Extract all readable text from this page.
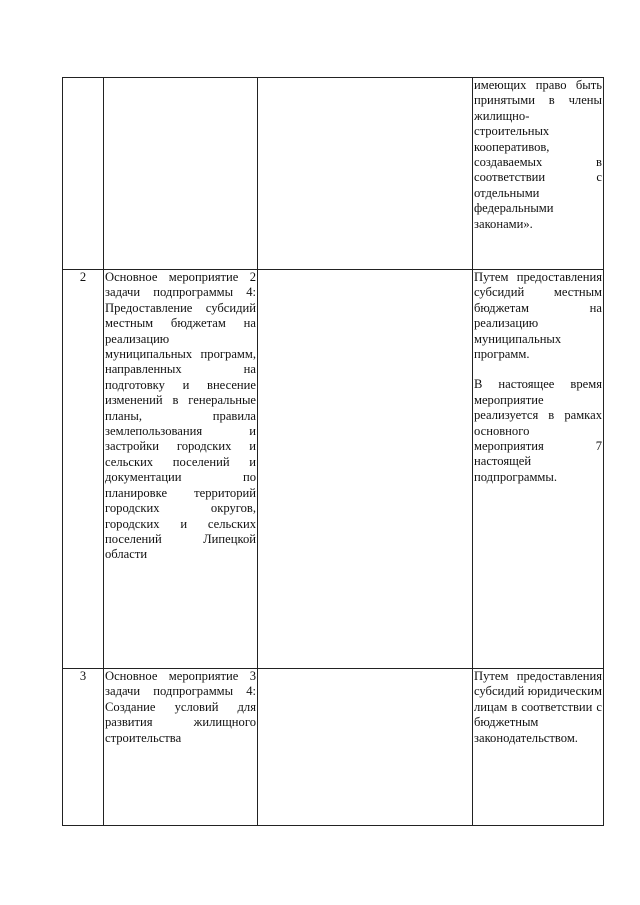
			имеющих право быть принятыми в члены жилищно-строительных кооперативов, создаваемых в соответствии с отдельными федеральными законами».

2	Основное мероприятие 2 задачи подпрограммы 4: Предоставление субсидий местным бюджетам на реализацию муниципальных программ, направленных на подготовку и внесение изменений в генеральные планы, правила землепользования и застройки городских и сельских поселений и документации по планировке территорий городских округов, городских и сельских поселений Липецкой области		Путем предоставления субсидий местным бюджетам на реализацию муниципальных программ.
В настоящее время мероприятие реализуется в рамках основного мероприятия 7 настоящей подпрограммы.

3	Основное мероприятие 3 задачи подпрограммы 4: Создание условий для развития жилищного строительства		Путем предоставления субсидий юридическим лицам в соответствии с бюджетным законодательством.
